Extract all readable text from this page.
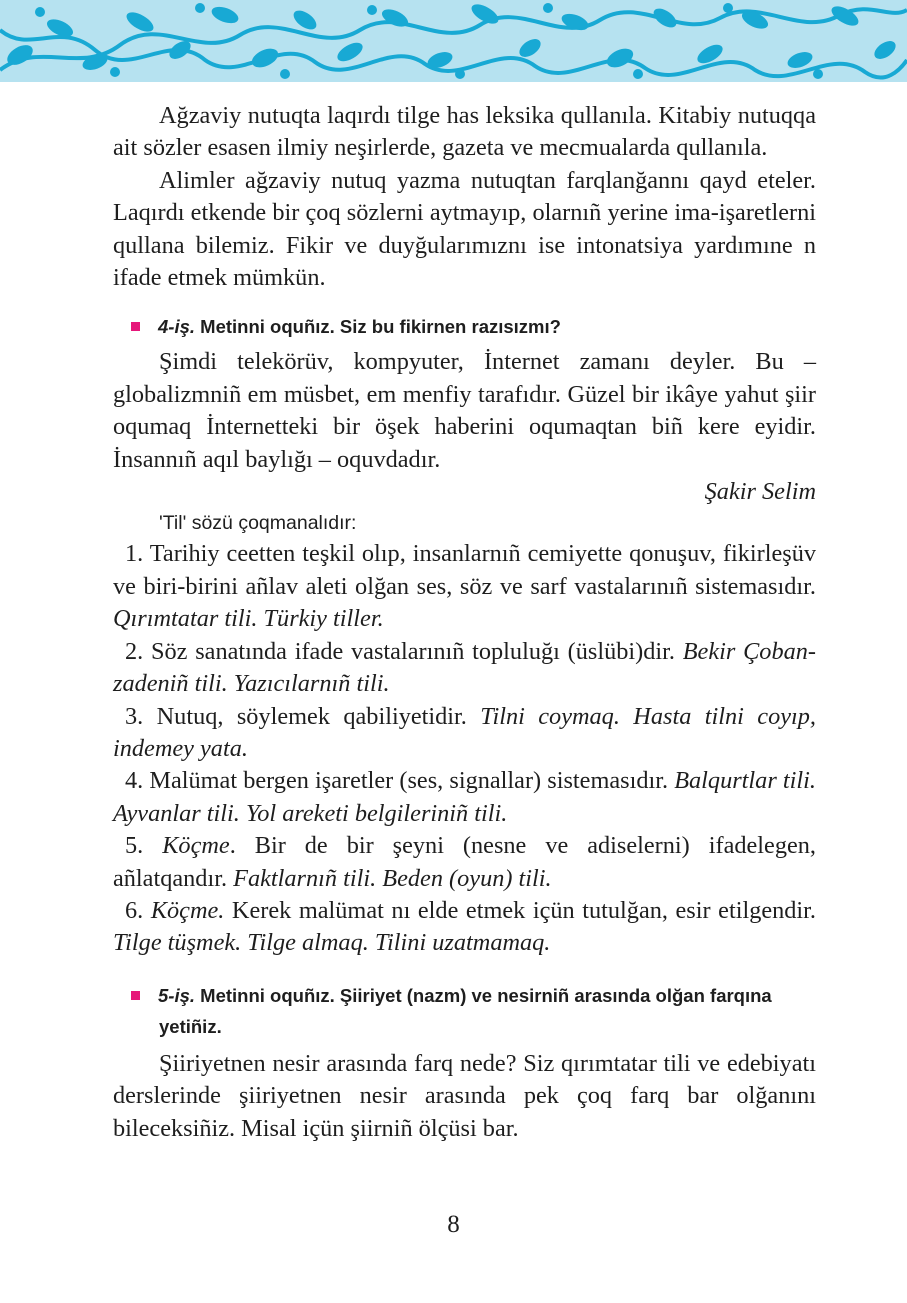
Ağzaviy nutuqta laqırdı tilge has leksika qullanıla. Kitabiy nutuqqa ait sözler esasen ilmiy neşirlerde, gazeta ve mecmualarda qullanıla.

Alimler ağzaviy nutuq yazma nutuqtan farqlanğannı qayd eteler. Laqırdı etkende bir çoq sözlerni aytmayıp, olarnıñ yerine ima-işaretlerni qullana bilemiz. Fikir ve duyğularımıznı ise intonatsiya yardımıne n ifade etmek mümkün.

4-iş. Metinni oquñız. Siz bu fikirnen razısızmı?

Şimdi telekörüv, kompyuter, İnternet zamanı deyler. Bu – globalizmniñ em müsbet, em menfiy tarafıdır. Güzel bir ikâye yahut şiir oqumaq İnternetteki bir öşek haberini oqumaqtan biñ kere eyidir. İnsannıñ aqıl baylığı – oquvdadır.

Şakir Selim

'Til' sözü çoqmanalıdır:

1. Tarihiy ceetten teşkil olıp, insanlarnıñ cemiyette qonuşuv, fikirleşüv ve biri-birini añlav aleti olğan ses, söz ve sarf vastalarınıñ sistemasıdır. Qırımtatar tili. Türkiy tiller.

2. Söz sanatında ifade vastalarınıñ topluluğı (üslübi)dir. Bekir Çoban-zadeniñ tili. Yazıcılarnıñ tili.

3. Nutuq, söylemek qabiliyetidir. Tilni coymaq. Hasta tilni coyıp, indemey yata.

4. Malümat bergen işaretler (ses, signallar) sistemasıdır. Balqurtlar tili. Ayvanlar tili. Yol areketi belgileriniñ tili.

5. Köçme. Bir de bir şeyni (nesne ve adiselerni) ifadelegen, añlatqandır. Faktlarnıñ tili. Beden (oyun) tili.

6. Köçme. Kerek malümat nı elde etmek içün tutulğan, esir etilgendir. Tilge tüşmek. Tilge almaq. Tilini uzatmamaq.

5-iş. Metinni oquñız. Şiiriyet (nazm) ve nesirniñ arasında olğan farqına yetiñiz.

Şiiriyetnen nesir arasında farq nede? Siz qırımtatar tili ve edebiyatı derslerinde şiiriyetnen nesir arasında pek çoq farq bar olğanını bileceksiñiz. Misal içün şiirniñ ölçüsi bar.

8
